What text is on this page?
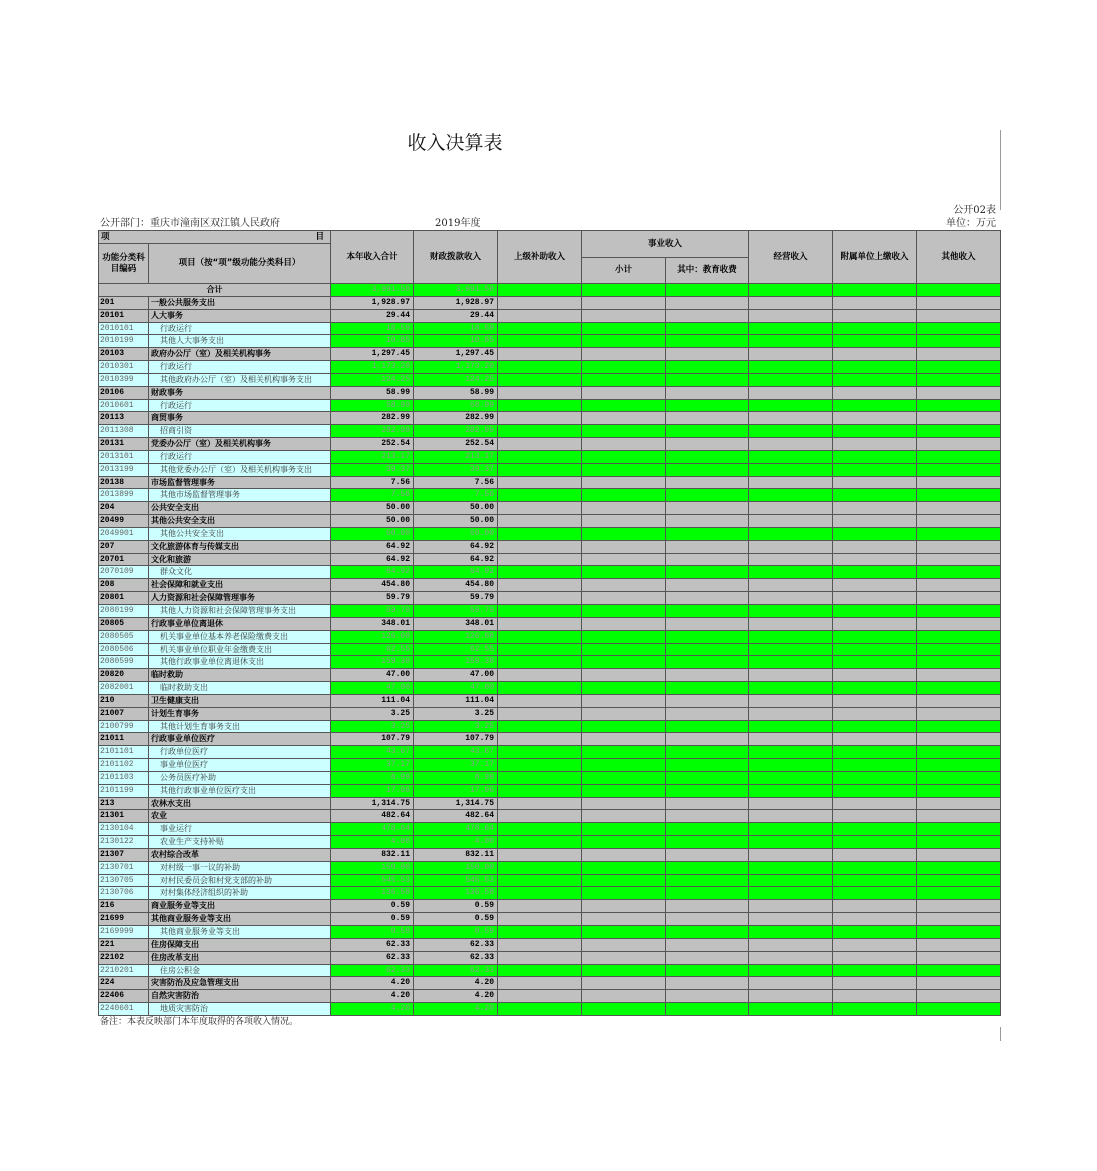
收入决算表
公开02表
公开部门：重庆市潼南区双江镇人民政府	2019年度	单位：万元
项	目
功能分类科目编码
项目（按“项”级功能分类科目）
本年收入合计	财政拨款收入	上级补助收入
事业收入
小计	其中：教育收费
经营收入	附属单位上缴收入	其他收入
合计	3,991.58	3,991.58
201	一般公共服务支出	1,928.97	1,928.97
20101	人大事务	29.44	29.44
2010101	行政运行	18.59	18.59
2010199	其他人大事务支出	10.85	10.85
20103	政府办公厅（室）及相关机构事务	1,297.45	1,297.45
2010301	行政运行	1,173.20	1,173.20
2010399	其他政府办公厅（室）及相关机构事务支出	124.25	124.25
20106	财政事务	58.99	58.99
2010601	行政运行	58.99	58.99
20113	商贸事务	282.99	282.99
2011308	招商引资	282.99	282.99
20131	党委办公厅（室）及相关机构事务	252.54	252.54
2013101	行政运行	213.17	213.17
2013199	其他党委办公厅（室）及相关机构事务支出	39.37	39.37
20138	市场监督管理事务	7.56	7.56
2013899	其他市场监督管理事务	7.56	7.56
204	公共安全支出	50.00	50.00
20499	其他公共安全支出	50.00	50.00
2049901	其他公共安全支出	50.00	50.00
207	文化旅游体育与传媒支出	64.92	64.92
20701	文化和旅游	64.92	64.92
2070109	群众文化	64.92	64.92
208	社会保障和就业支出	454.80	454.80
20801	人力资源和社会保障管理事务	59.79	59.79
2080199	其他人力资源和社会保障管理事务支出	59.79	59.79
20805	行政事业单位离退休	348.01	348.01
2080505	机关事业单位基本养老保险缴费支出	126.08	126.08
2080506	机关事业单位职业年金缴费支出	62.55	62.55
2080599	其他行政事业单位离退休支出	159.38	159.38
20820	临时救助	47.00	47.00
2082001	临时救助支出	47.00	47.00
210	卫生健康支出	111.04	111.04
21007	计划生育事务	3.25	3.25
2100799	其他计划生育事务支出	3.25	3.25
21011	行政事业单位医疗	107.79	107.79
2101101	行政单位医疗	43.67	43.67
2101102	事业单位医疗	37.17	37.17
2101103	公务员医疗补助	8.99	8.99
2101199	其他行政事业单位医疗支出	17.96	17.96
213	农林水支出	1,314.75	1,314.75
21301	农业	482.64	482.64
2130104	事业运行	478.64	478.64
2130122	农业生产支持补贴	4.00	4.00
21307	农村综合改革	832.11	832.11
2130701	对村级一事一议的补助	150.00	150.00
2130705	对村民委员会和村党支部的补助	545.53	545.53
2130706	对村集体经济组织的补助	136.58	136.58
216	商业服务业等支出	0.59	0.59
21699	其他商业服务业等支出	0.59	0.59
2169999	其他商业服务业等支出	0.59	0.59
221	住房保障支出	62.33	62.33
22102	住房改革支出	62.33	62.33
2210201	住房公积金	62.33	62.33
224	灾害防治及应急管理支出	4.20	4.20
22406	自然灾害防治	4.20	4.20
2240601	地质灾害防治	4.20	4.20
备注：本表反映部门本年度取得的各项收入情况。
